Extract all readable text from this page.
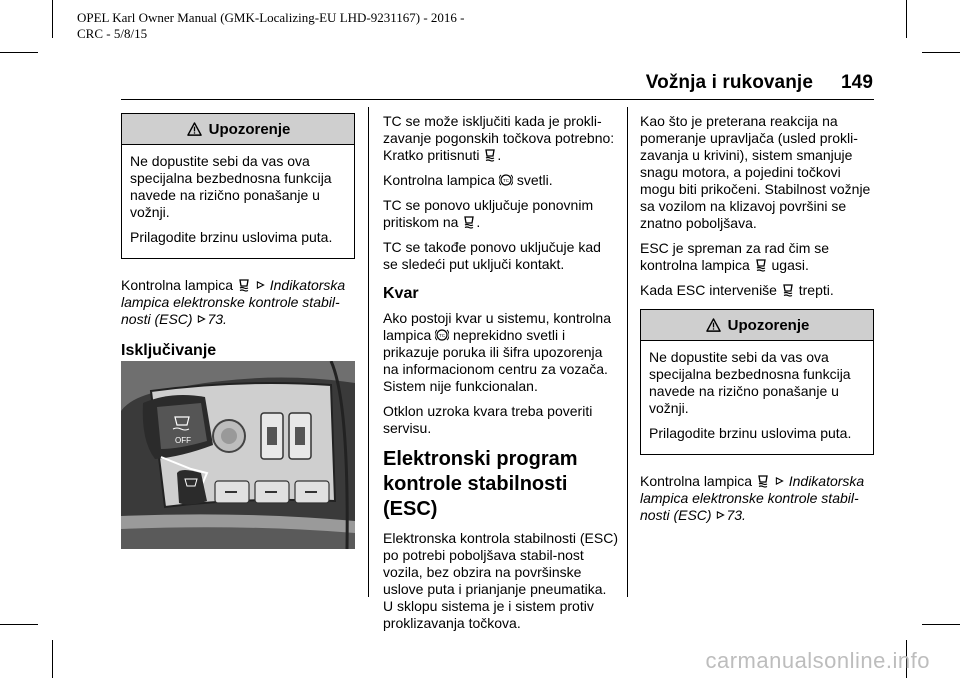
OPEL Karl Owner Manual (GMK-Localizing-EU LHD-9231167) - 2016 -
CRC - 5/8/15
Vožnja i rukovanje 149
Upozorenje

Ne dopustite sebi da vas ova specijalna bezbednosna funkcija navede na rizično ponašanje u vožnji.

Prilagodite brzinu uslovima puta.

Kontrolna lampica	Indikatorska lampica elektronske kontrole stabil-nosti (ESC) 73.

Isključivanje
OFF

TC se može isključiti kada je prokli-zavanje pogonskih točkova potrebno: Kratko pritisnuti .

Kontrolna lampica TC svetli.

TC se ponovo uključuje ponovnim pritiskom na .

TC se takođe ponovo uključuje kad se sledeći put uključi kontakt.

Kvar

Ako postoji kvar u sistemu, kontrolna lampica TC neprekidno svetli i prikazuje poruka ili šifra upozorenja na informacionom centru za vozača. Sistem nije funkcionalan.

Otklon uzroka kvara treba poveriti servisu.

Elektronski program kontrole stabilnosti (ESC)

Elektronska kontrola stabilnosti (ESC) po potrebi poboljšava stabil-nost vozila, bez obzira na površinske uslove puta i prianjanje pneumatika. U sklopu sistema je i sistem protiv proklizavanja točkova.

Kao što je preterana reakcija na pomeranje upravljača (usled prokli-zavanja u krivini), sistem smanjuje snagu motora, a pojedini točkovi mogu biti prikočeni. Stabilnost vožnje sa vozilom na klizavoj površini se znatno poboljšava.

ESC je spreman za rad čim se kontrolna lampica ugasi.

Kada ESC interveniše trepti.

Upozorenje

Ne dopustite sebi da vas ova specijalna bezbednosna funkcija navede na rizično ponašanje u vožnji.

Prilagodite brzinu uslovima puta.

Kontrolna lampica	Indikatorska lampica elektronske kontrole stabil-nosti (ESC) 73.

carmanualsonline.info
